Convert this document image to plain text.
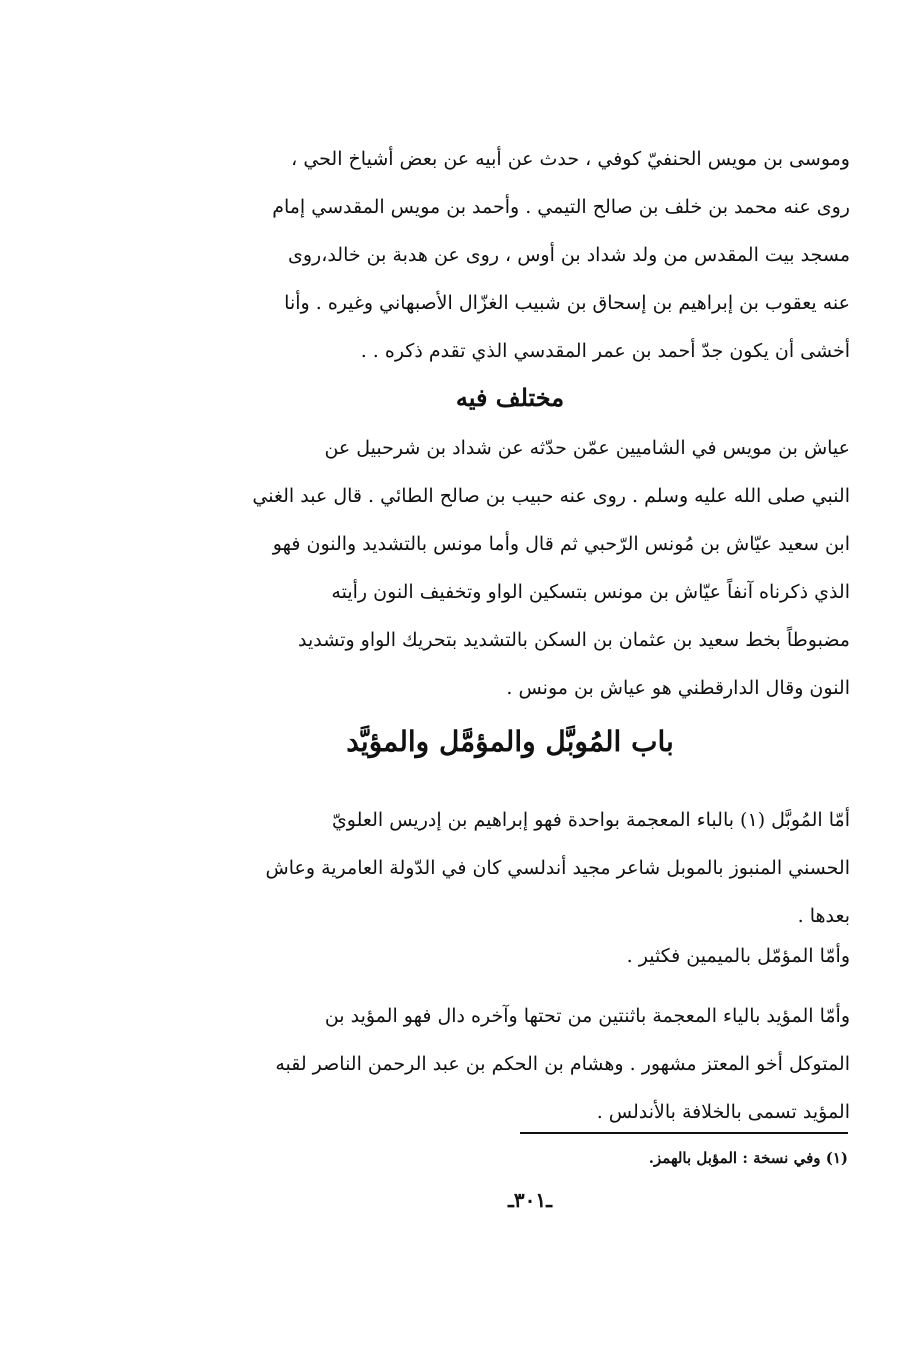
وموسى بن مويس الحنفيّ كوفي ، حدث عن أبيه عن بعض أشياخ الحي ،
روى عنه محمد بن خلف بن صالح التيمي . وأحمد بن مويس المقدسي إمام
مسجد بيت المقدس من ولد شداد بن أوس ، روى عن هدبة بن خالد،روى
عنه يعقوب بن إبراهيم بن إسحاق بن شبيب الغزّال الأصبهاني وغيره . وأنا
أخشى أن يكون جدّ أحمد بن عمر المقدسي الذي تقدم ذكره . .
مختلف فيه
عياش بن مويس في الشاميين عمّن حدّثه عن شداد بن شرحبيل عن
النبي صلى الله عليه وسلم . روى عنه حبيب بن صالح الطائي . قال عبد الغني
ابن سعيد عيّاش بن مُونس الرّحبي ثم قال وأما مونس بالتشديد والنون فهو
الذي ذكرناه آنفاً عيّاش بن مونس بتسكين الواو وتخفيف النون رأيته
مضبوطاً بخط سعيد بن عثمان بن السكن بالتشديد بتحريك الواو وتشديد
النون وقال الدارقطني هو عياش بن مونس .
باب المُوبَّل والمؤمَّل والمؤيَّد
أمّا المُوبَّل (١) بالباء المعجمة بواحدة فهو إبراهيم بن إدريس العلويّ
الحسني المنبوز بالموبل شاعر مجيد أندلسي كان في الدّولة العامرية وعاش
بعدها .
وأمّا المؤمّل بالميمين فكثير .
وأمّا المؤيد بالياء المعجمة باثنتين من تحتها وآخره دال فهو المؤيد بن
المتوكل أخو المعتز مشهور . وهشام بن الحكم بن عبد الرحمن الناصر لقبه
المؤيد تسمى بالخلافة بالأندلس .
(١) وفي نسخة : المؤبل بالهمز.
ـ٣٠١ـ
